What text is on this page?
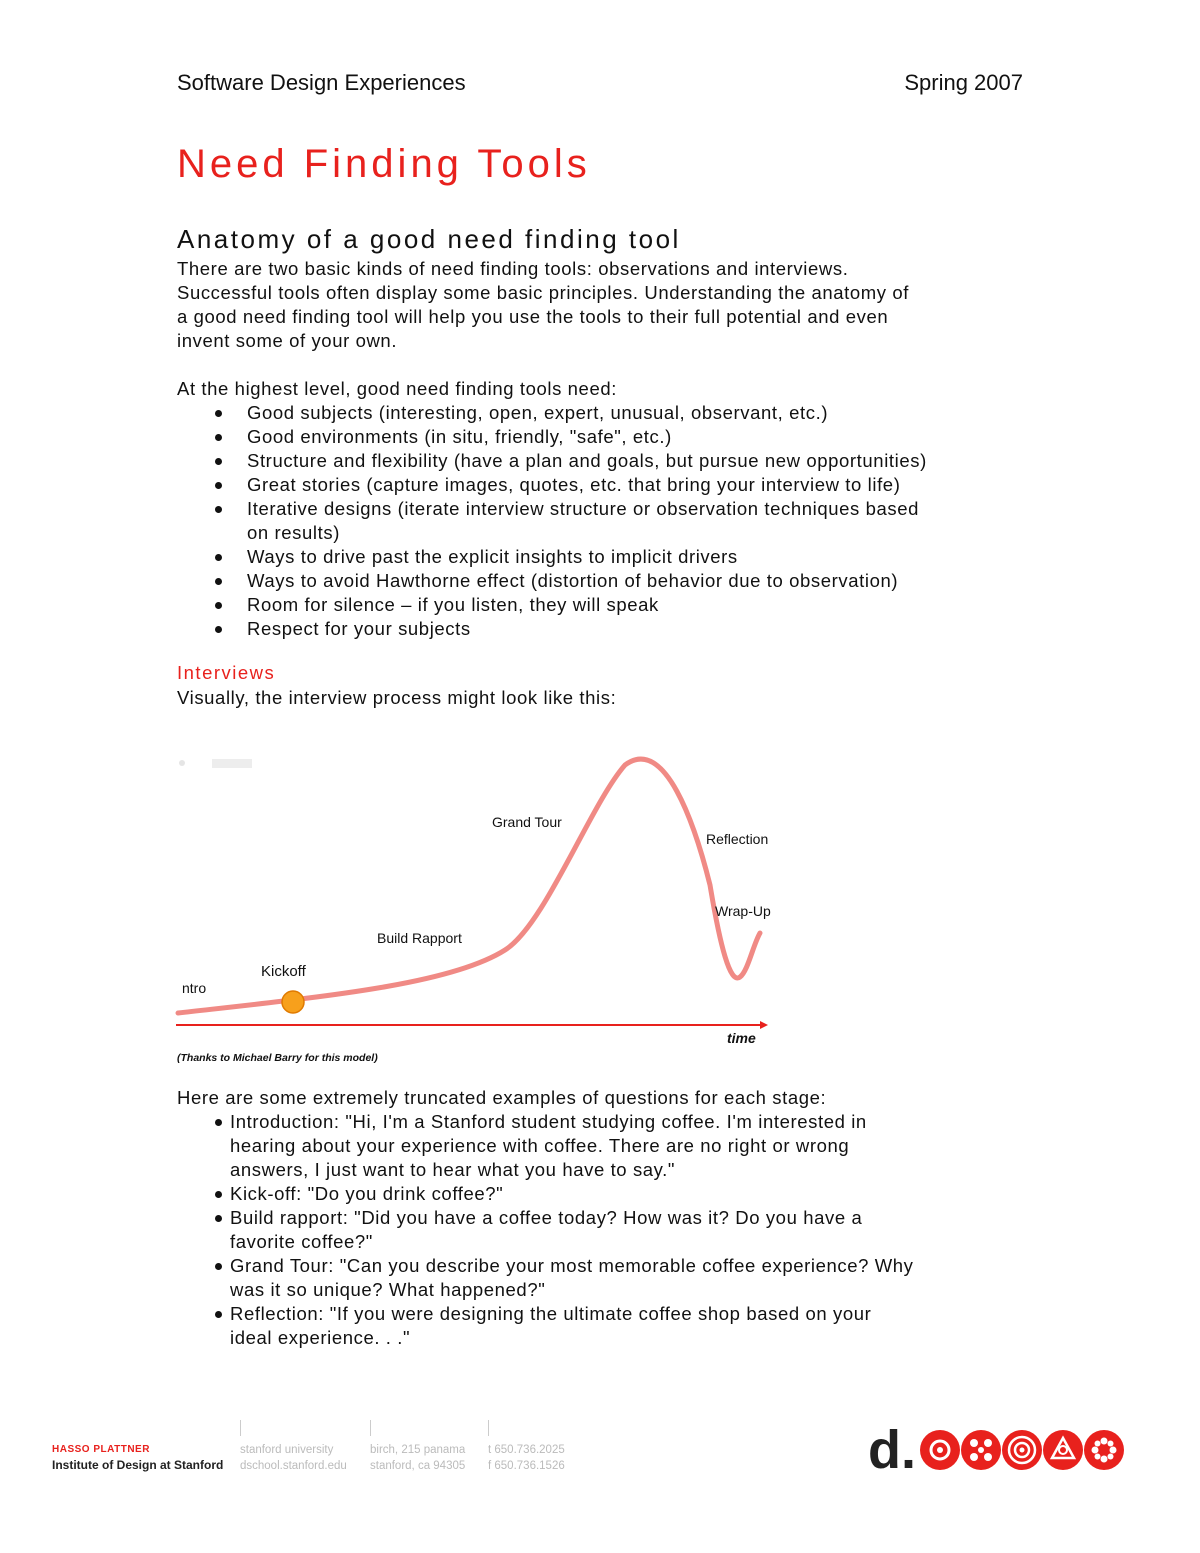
Software Design Experiences	Spring 2007
Need Finding Tools
Anatomy of a good need finding tool
There are two basic kinds of need finding tools: observations and interviews.
Successful tools often display some basic principles. Understanding the anatomy of
a good need finding tool will help you use the tools to their full potential and even
invent some of your own.
At the highest level, good need finding tools need:
Good subjects (interesting, open, expert, unusual, observant, etc.)
Good environments (in situ, friendly, "safe", etc.)
Structure and flexibility (have a plan and goals, but pursue new opportunities)
Great stories (capture images, quotes, etc. that bring your interview to life)
Iterative designs (iterate interview structure or observation techniques based
on results)
Ways to drive past the explicit insights to implicit drivers
Ways to avoid Hawthorne effect (distortion of behavior due to observation)
Room for silence – if you listen, they will speak
Respect for your subjects
Interviews
Visually, the interview process might look like this:
ntro
Kickoff
Build Rapport
Grand Tour
Reflection
Wrap-Up
time
(Thanks to Michael Barry for this model)
Here are some extremely truncated examples of questions for each stage:
Introduction: "Hi, I'm a Stanford student studying coffee. I'm interested in
hearing about your experience with coffee. There are no right or wrong
answers, I just want to hear what you have to say."
Kick-off: "Do you drink coffee?"
Build rapport: "Did you have a coffee today? How was it? Do you have a
favorite coffee?"
Grand Tour: "Can you describe your most memorable coffee experience? Why
was it so unique? What happened?"
Reflection: "If you were designing the ultimate coffee shop based on your
ideal experience. . ."
HASSO PLATTNER
Institute of Design at Stanford
stanford university
dschool.stanford.edu
birch, 215 panama
stanford, ca 94305
t 650.736.2025
f 650.736.1526	d.
